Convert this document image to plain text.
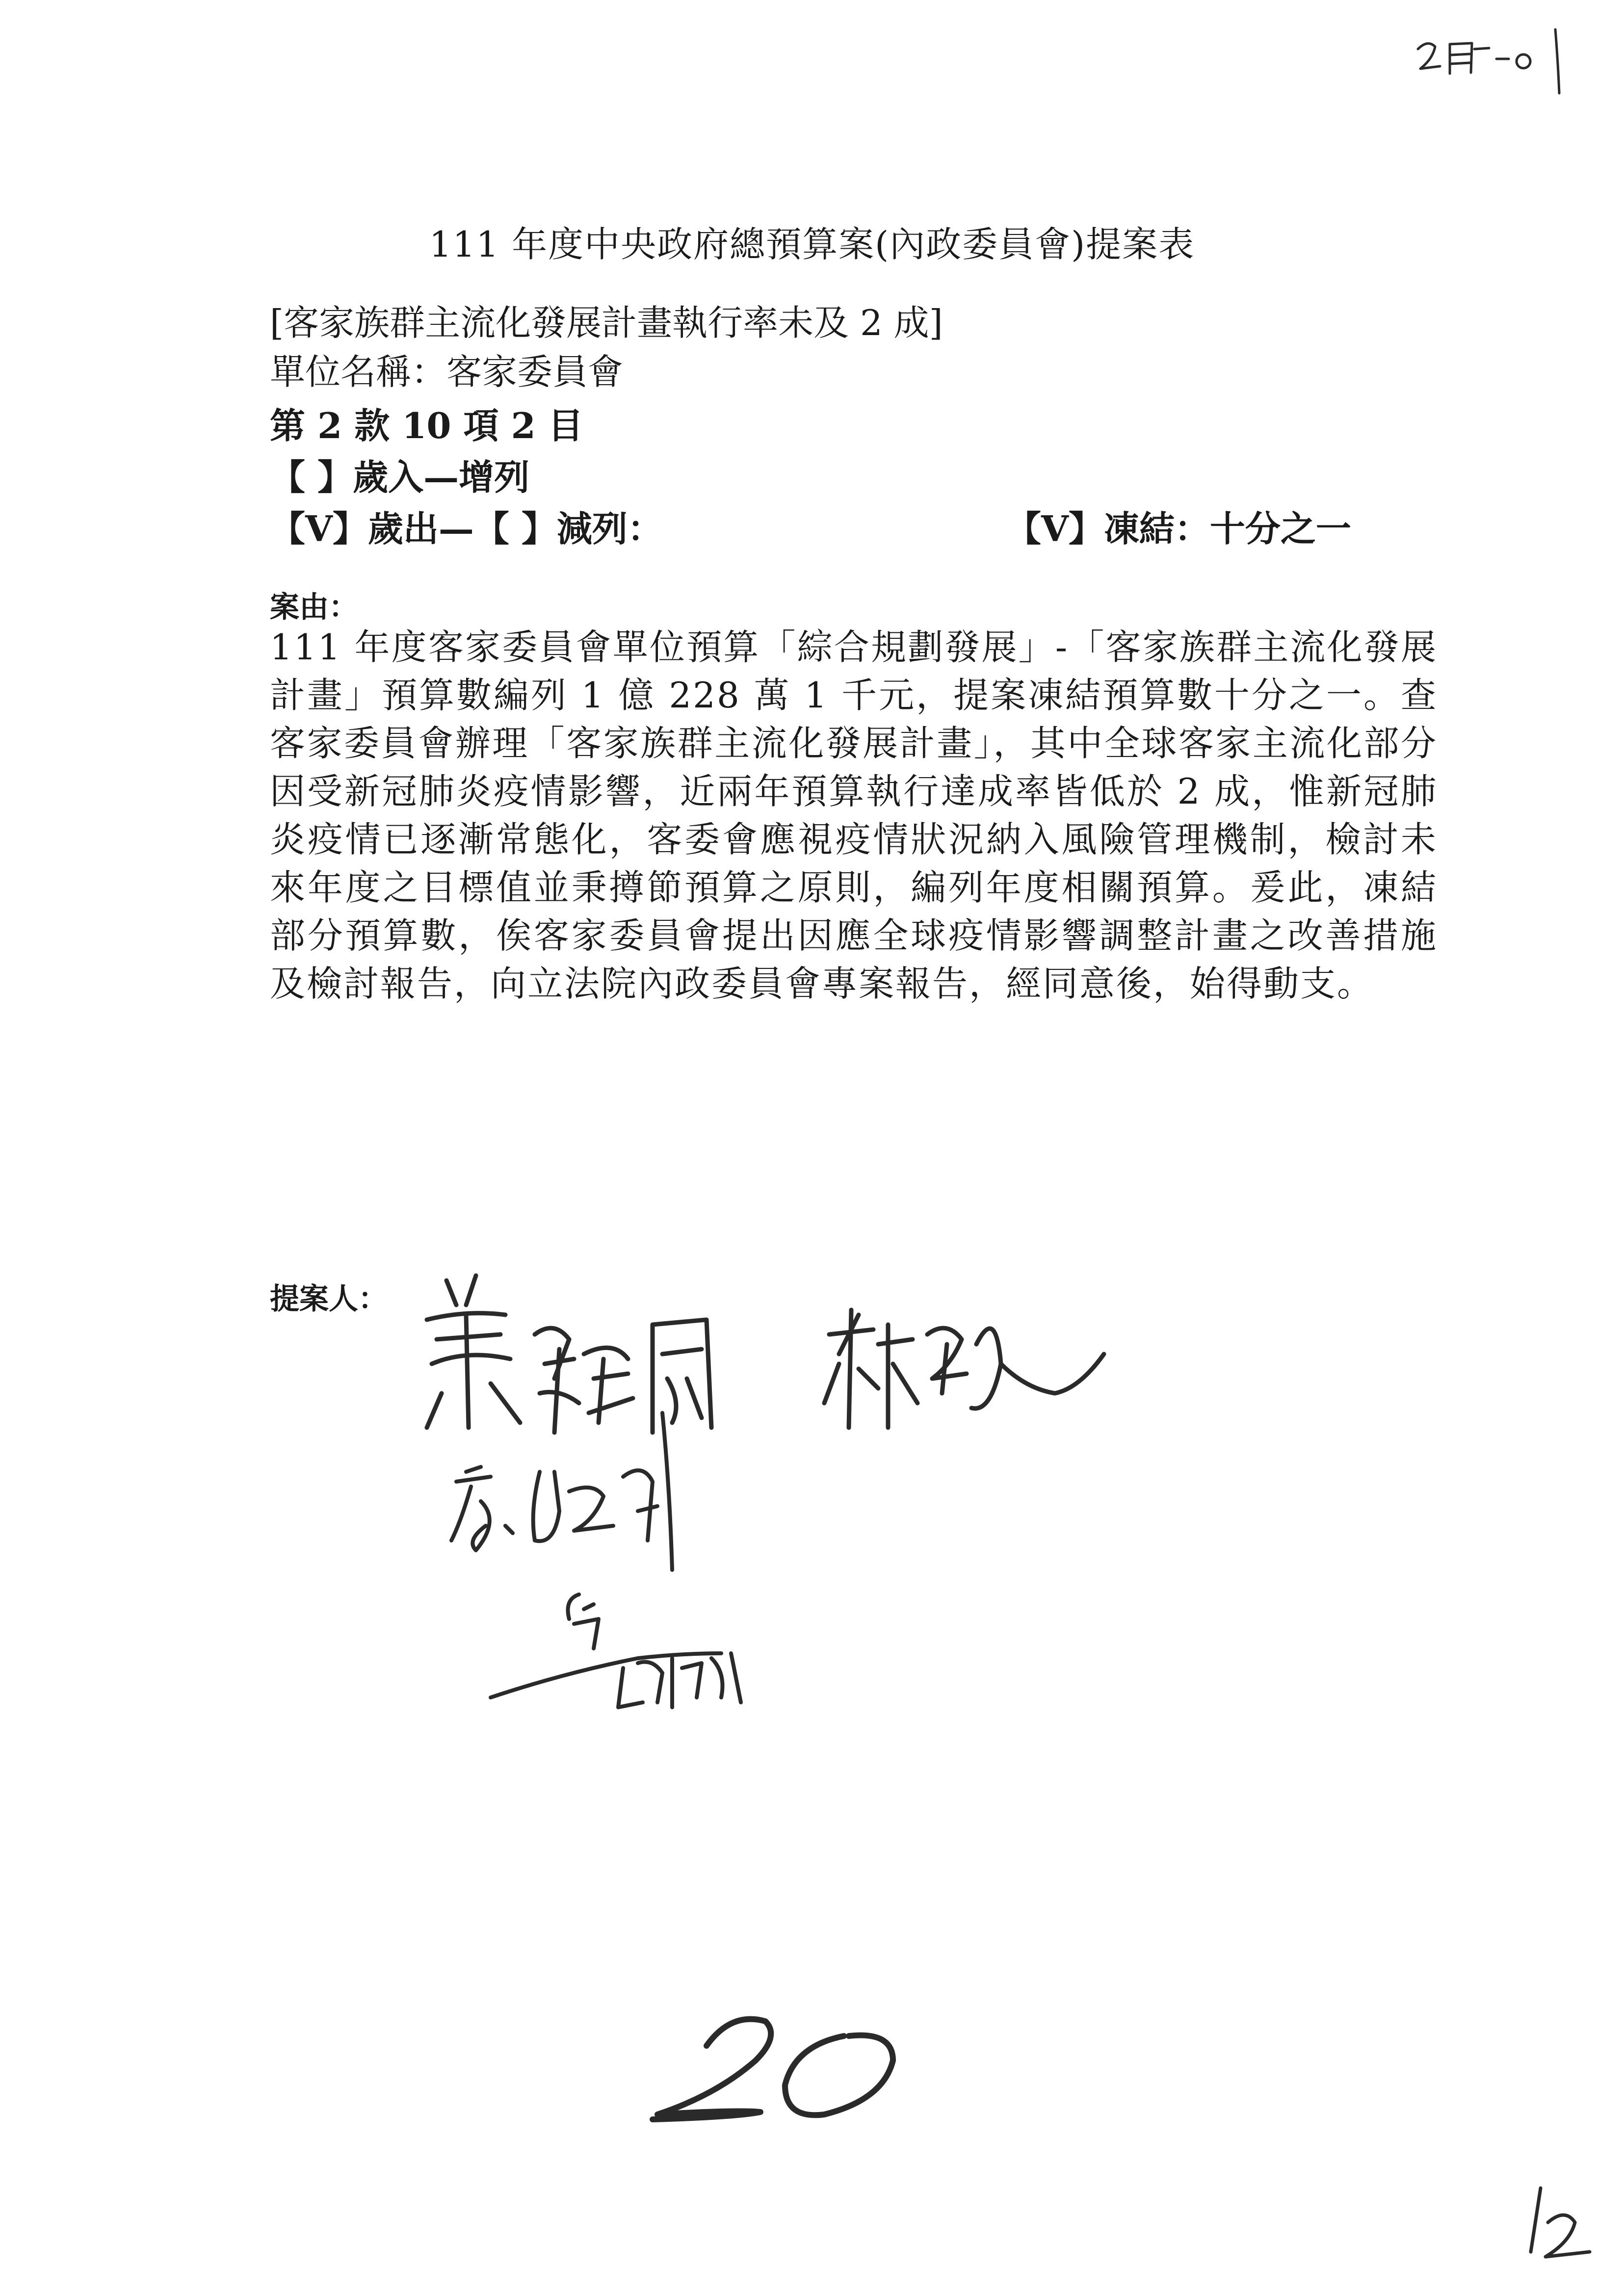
111 年度中央政府總預算案(內政委員會)提案表
[客家族群主流化發展計畫執行率未及 2 成]
單位名稱：客家委員會
第 2 款 10 項 2 目
【 】歲入—增列
【V】歲出—【 】減列：	【V】凍結：十分之一
案由：
111 年度客家委員會單位預算「綜合規劃發展」-「客家族群主流化發展計畫」預算數編列 1 億 228 萬 1 千元，提案凍結預算數十分之一。查客家委員會辦理「客家族群主流化發展計畫」，其中全球客家主流化部分因受新冠肺炎疫情影響，近兩年預算執行達成率皆低於 2 成，惟新冠肺炎疫情已逐漸常態化，客委會應視疫情狀況納入風險管理機制，檢討未來年度之目標值並秉撙節預算之原則，編列年度相關預算。爰此，凍結部分預算數，俟客家委員會提出因應全球疫情影響調整計畫之改善措施及檢討報告，向立法院內政委員會專案報告，經同意後，始得動支。
提案人：
